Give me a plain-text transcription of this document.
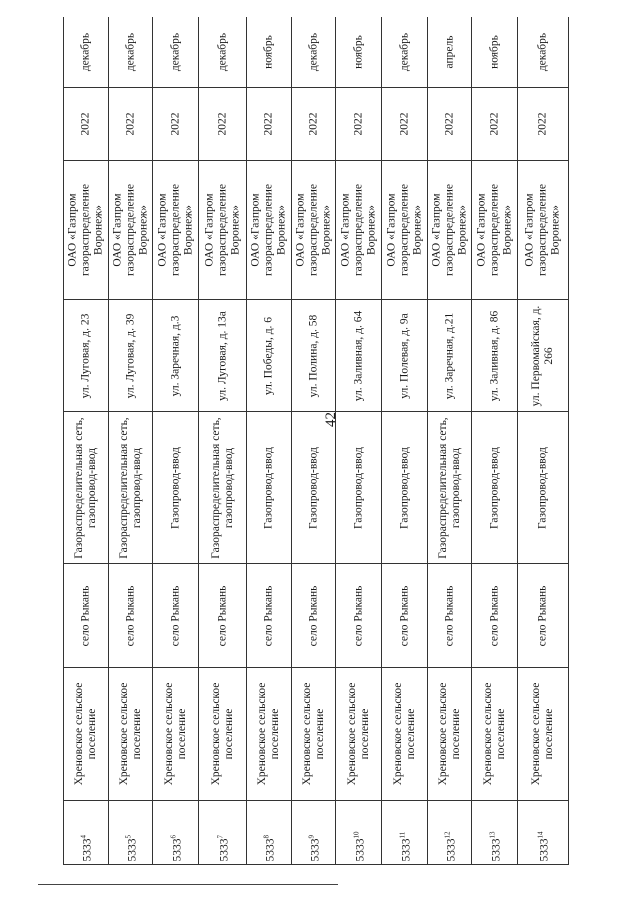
42
декабрь
2022
ОАО «Газпром газораспределение Воронеж»
ул. Луговая, д. 23
Газораспределительная сеть, газопровод-ввод
село Рыкань
Хреновское сельское поселение
5333$^4$
декабрь
2022
ОАО «Газпром газораспределение Воронеж»
ул. Луговая, д. 39
Газораспределительная сеть, газопровод-ввод
село Рыкань
Хреновское сельское поселение
5333$^5$
декабрь
2022
ОАО «Газпром газораспределение Воронеж»
ул. Заречная, д.3
Газопровод-ввод
село Рыкань
Хреновское сельское поселение
5333$^6$
декабрь
2022
ОАО «Газпром газораспределение Воронеж»
ул. Луговая, д. 13а
Газораспределительная сеть, газопровод-ввод
село Рыкань
Хреновское сельское поселение
5333$^7$
ноябрь
2022
ОАО «Газпром газораспределение Воронеж»
ул. Победы, д. 6
Газопровод-ввод
село Рыкань
Хреновское сельское поселение
5333$^8$
декабрь
2022
ОАО «Газпром газораспределение Воронеж»
ул. Полина, д. 58
Газопровод-ввод
село Рыкань
Хреновское сельское поселение
5333$^9$
ноябрь
2022
ОАО «Газпром газораспределение Воронеж»
ул. Заливная, д. 64
Газопровод-ввод
село Рыкань
Хреновское сельское поселение
5333$^{10}$
декабрь
2022
ОАО «Газпром газораспределение Воронеж»
ул. Полевая, д. 9а
Газопровод-ввод
село Рыкань
Хреновское сельское поселение
5333$^{11}$
апрель
2022
ОАО «Газпром газораспределение Воронеж»
ул. Заречная, д.21
Газораспределительная сеть, газопровод-ввод
село Рыкань
Хреновское сельское поселение
5333$^{12}$
ноябрь
2022
ОАО «Газпром газораспределение Воронеж»
ул. Заливная, д. 86
Газопровод-ввод
село Рыкань
Хреновское сельское поселение
5333$^{13}$
декабрь
2022
ОАО «Газпром газораспределение Воронеж»
ул. Первомайская, д. 266
Газопровод-ввод
село Рыкань
Хреновское сельское поселение
5333$^{14}$
